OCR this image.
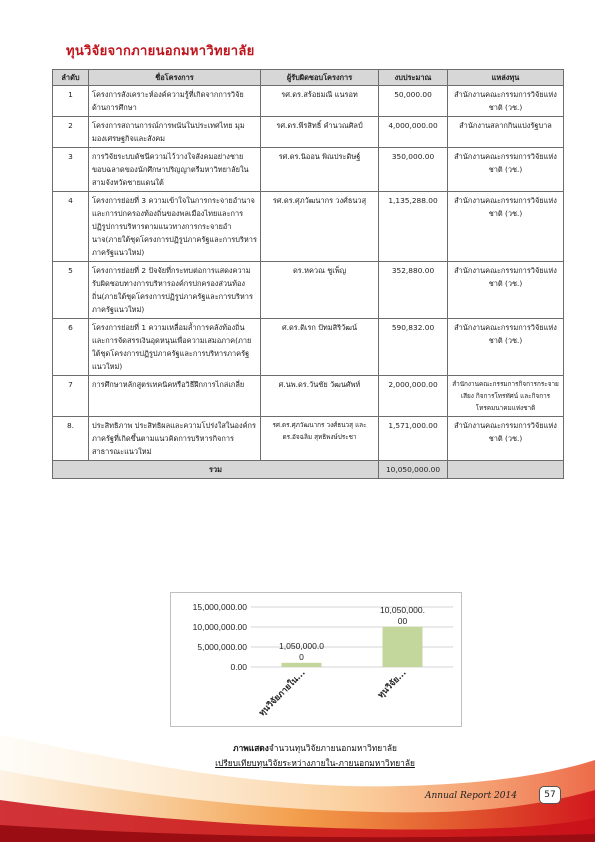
ทุนวิจัยจากภายนอกมหาวิทยาลัย
ลำดับ	ชื่อโครงการ	ผู้รับผิดชอบโครงการ	งบประมาณ	แหล่งทุน
1	โครงการสังเคราะห์องค์ความรู้ที่เกิดจากการวิจัยด้านการศึกษา	รศ.ดร.สร้อยมณี แนรอท	50,000.00	สำนักงานคณะกรรมการวิจัยแห่งชาติ (วช.)
2	โครงการสถานการณ์การพนันในประเทศไทย มุมมองเศรษฐกิจและสังคม	รศ.ดร.พีรสิทธิ์ คำนวณศิลป์	4,000,000.00	สำนักงานสลากกินแบ่งรัฐบาล
3	การวิจัยระบบดัชนีความไว้วางใจสังคมอย่างชายขอบฉลาดของนักศึกษาปริญญาตรีมหาวิทยาลัยในสามจังหวัดชายแดนใต้	รศ.ดร.นิออน พิณประดิษฐ์	350,000.00	สำนักงานคณะกรรมการวิจัยแห่งชาติ (วช.)
4	โครงการย่อยที่ 3 ความเข้าใจในการกระจายอำนาจและการปกครองท้องถิ่นของพลเมืองไทยและการปฏิรูปการบริหารตามแนวทางการกระจายอำนาจ(ภายใต้ชุดโครงการปฏิรูปภาครัฐและการบริหารภาครัฐแนวใหม่)	รศ.ดร.ศุภวัฒนากร วงศ์ธนวสุ	1,135,288.00	สำนักงานคณะกรรมการวิจัยแห่งชาติ (วช.)
5	โครงการย่อยที่ 2 ปัจจัยที่กระทบต่อการแสดงความรับผิดชอบทางการบริหารองค์กรปกครองส่วนท้องถิ่น(ภายใต้ชุดโครงการปฏิรูปภาครัฐและการบริหารภาครัฐแนวใหม่)	ดร.หควณ ชูเพ็ญ	352,880.00	สำนักงานคณะกรรมการวิจัยแห่งชาติ (วช.)
6	โครงการย่อยที่ 1 ความเหลื่อมล้ำการคลังท้องถิ่นและการจัดสรรเงินอุดหนุนเพื่อความเสมอภาค(ภายใต้ชุดโครงการปฏิรูปภาครัฐและการบริหารภาครัฐแนวใหม่)	ศ.ดร.ดิเรก ปัทมสิริวัฒน์	590,832.00	สำนักงานคณะกรรมการวิจัยแห่งชาติ (วช.)
7	การศึกษาหลักสูตรเทคนิคหรือวิธีฝึกการไกล่เกลี่ย	ศ.นพ.ดร.วันชัย วัฒนศัพท์	2,000,000.00	สำนักงานคณะกรรมการกิจการกระจายเสียง กิจการโทรทัศน์ และกิจการโทรคมนาคมแห่งชาติ
8.	ประสิทธิภาพ ประสิทธิผลและความโปร่งใสในองค์กรภาครัฐที่เกิดขึ้นตามแนวคิดการบริหารกิจการสาธารณะแนวใหม่	รศ.ดร.ศุภวัฒนากร วงศ์ธนวสุ และ ดร.อัจฉลิม สุทธิพงษ์ประชา	1,571,000.00	สำนักงานคณะกรรมการวิจัยแห่งชาติ (วช.)
รวม			10,050,000.00	
0.00
5,000,000.00
10,000,000.00
15,000,000.00
1,050,000.0
0
ทุนวิจัยภายใน...
10,050,000.
00
ทุนวิจัย...
ภาพแสดงจำนวนทุนวิจัยภายนอกมหาวิทยาลัย
เปรียบเทียบทุนวิจัยระหว่างภายใน-ภายนอกมหาวิทยาลัย
Annual Report 2014	57
